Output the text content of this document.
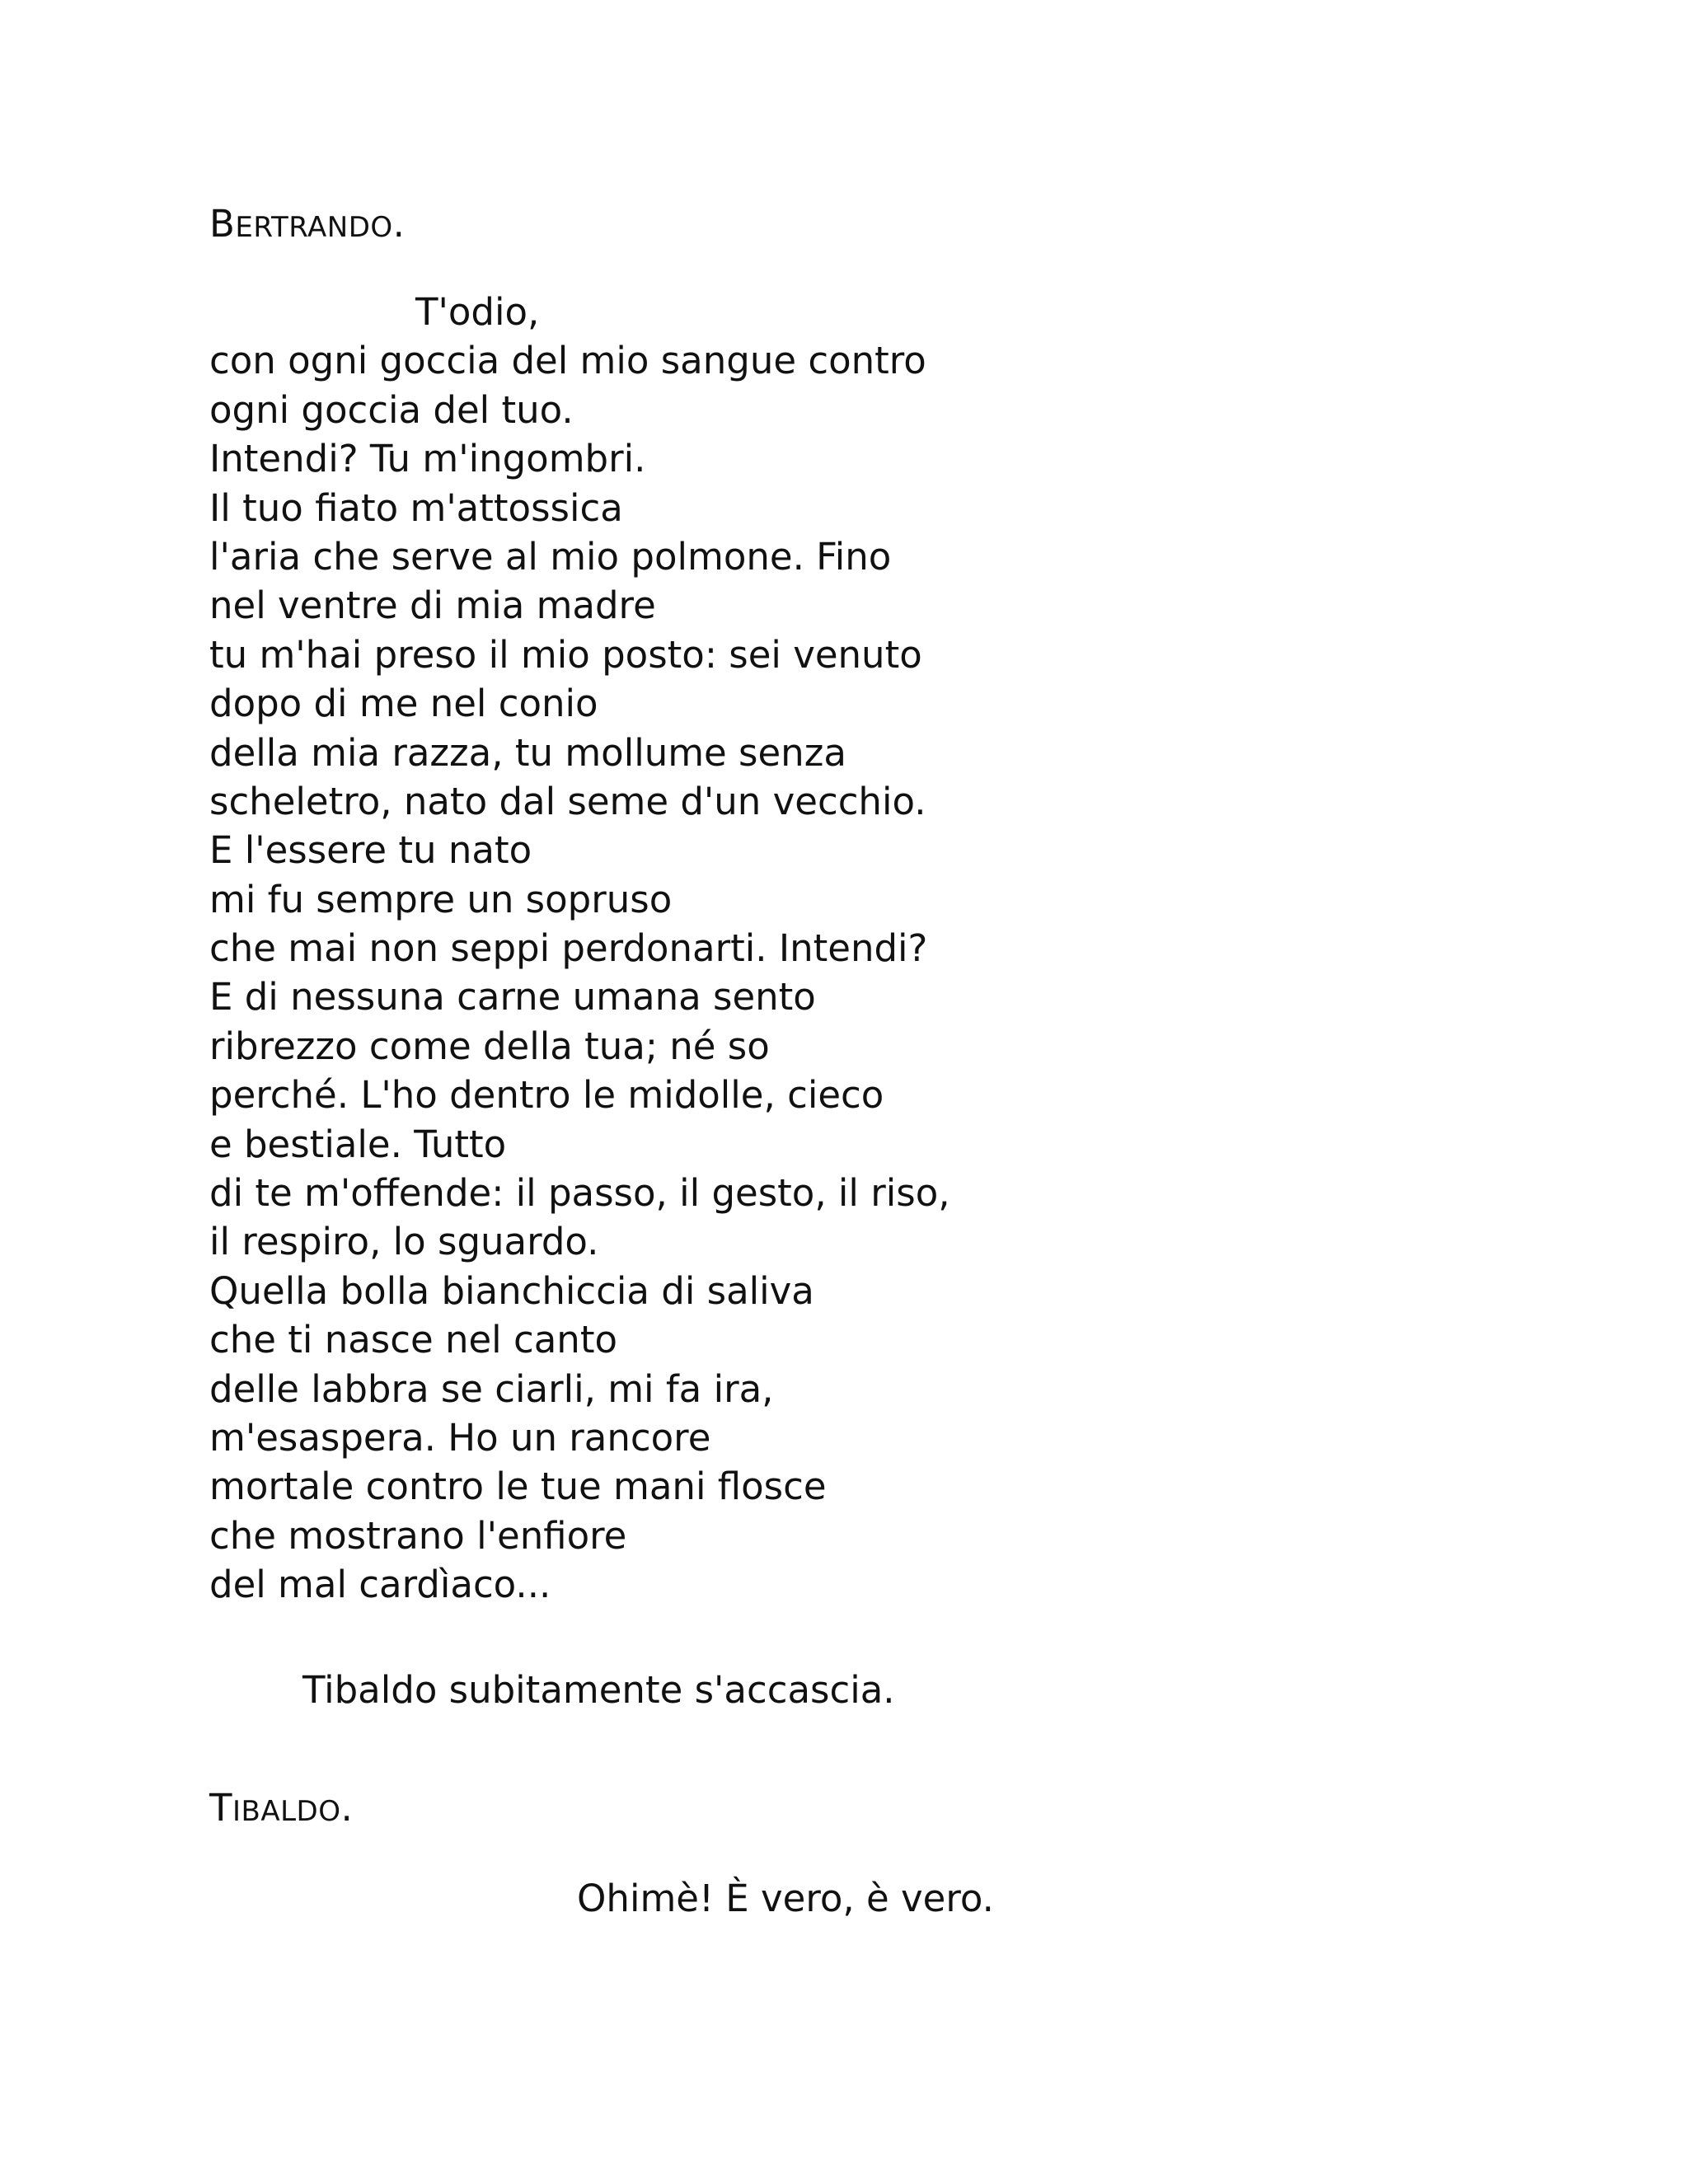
BERTRANDO.
T'odio,
con ogni goccia del mio sangue contro
ogni goccia del tuo.
Intendi? Tu m'ingombri.
Il tuo fiato m'attossica
l'aria che serve al mio polmone. Fino
nel ventre di mia madre
tu m'hai preso il mio posto: sei venuto
dopo di me nel conio
della mia razza, tu mollume senza
scheletro, nato dal seme d'un vecchio.
E l'essere tu nato
mi fu sempre un sopruso
che mai non seppi perdonarti. Intendi?
E di nessuna carne umana sento
ribrezzo come della tua; né so
perché. L'ho dentro le midolle, cieco
e bestiale. Tutto
di te m'offende: il passo, il gesto, il riso,
il respiro, lo sguardo.
Quella bolla bianchiccia di saliva
che ti nasce nel canto
delle labbra se ciarli, mi fa ira,
m'esaspera. Ho un rancore
mortale contro le tue mani flosce
che mostrano l'enfiore
del mal cardìaco...
Tibaldo subitamente s'accascia.
TIBALDO.
Ohimè! È vero, è vero.
